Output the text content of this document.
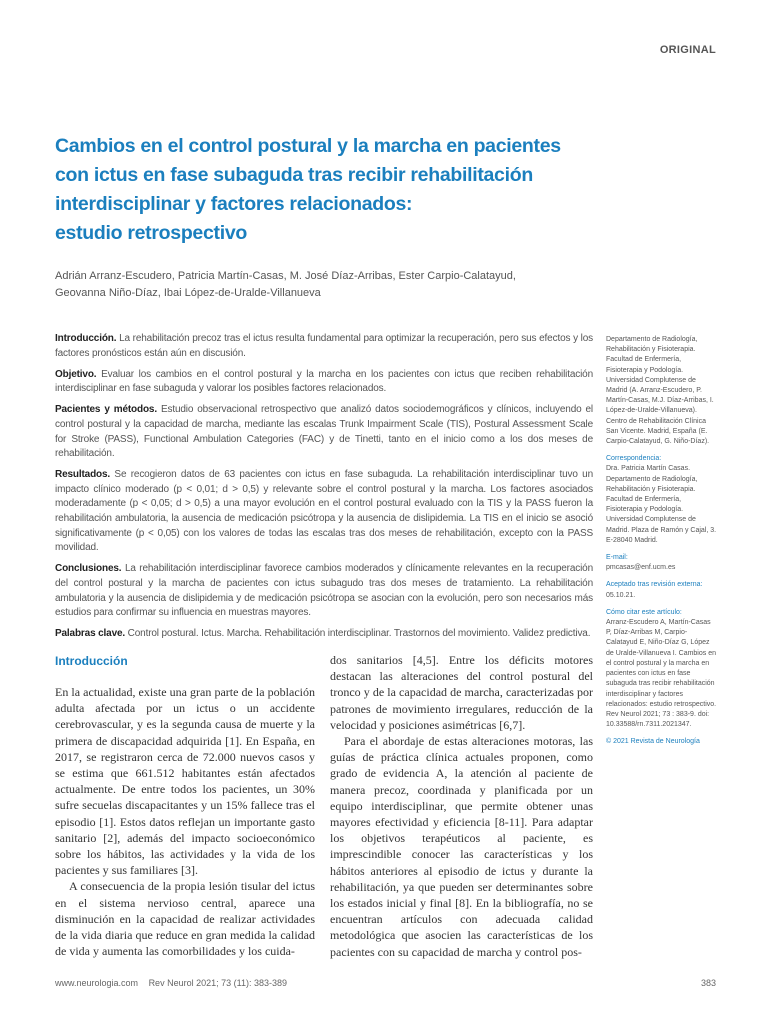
ORIGINAL
Cambios en el control postural y la marcha en pacientes
con ictus en fase subaguda tras recibir rehabilitación
interdisciplinar y factores relacionados:
estudio retrospectivo
Adrián Arranz-Escudero, Patricia Martín-Casas, M. José Díaz-Arribas, Ester Carpio-Calatayud,
Geovanna Niño-Díaz, Ibai López-de-Uralde-Villanueva

Introducción. La rehabilitación precoz tras el ictus resulta fundamental para optimizar la recuperación, pero sus efectos y los factores pronósticos están aún en discusión.

Objetivo. Evaluar los cambios en el control postural y la marcha en los pacientes con ictus que reciben rehabilitación interdisciplinar en fase subaguda y valorar los posibles factores relacionados.

Pacientes y métodos. Estudio observacional retrospectivo que analizó datos sociodemográficos y clínicos, incluyendo el control postural y la capacidad de marcha, mediante las escalas Trunk Impairment Scale (TIS), Postural Assessment Scale for Stroke (PASS), Functional Ambulation Categories (FAC) y de Tinetti, tanto en el inicio como a los dos meses de rehabilitación.

Resultados. Se recogieron datos de 63 pacientes con ictus en fase subaguda. La rehabilitación interdisciplinar tuvo un impacto clínico moderado (p < 0,01; d > 0,5) y relevante sobre el control postural y la marcha. Los factores asociados moderadamente (p < 0,05; d > 0,5) a una mayor evolución en el control postural evaluado con la TIS y la PASS fueron la rehabilitación ambulatoria, la ausencia de medicación psicótropa y la ausencia de dislipidemia. La TIS en el inicio se asoció significativamente (p < 0,05) con los valores de todas las escalas tras dos meses de rehabilitación, excepto con la PASS movilidad.

Conclusiones. La rehabilitación interdisciplinar favorece cambios moderados y clínicamente relevantes en la recuperación del control postural y la marcha de pacientes con ictus subagudo tras dos meses de tratamiento. La rehabilitación ambulatoria y la ausencia de dislipidemia y de medicación psicótropa se asocian con la evolución, pero son necesarios más estudios para confirmar su influencia en muestras mayores.

Palabras clave. Control postural. Ictus. Marcha. Rehabilitación interdisciplinar. Trastornos del movimiento. Validez predictiva.

Departamento de Radiología, Rehabilitación y Fisioterapia. Facultad de Enfermería, Fisioterapia y Podología. Universidad Complutense de Madrid (A. Arranz-Escudero, P. Martín-Casas, M.J. Díaz-Arribas, I. López-de-Uralde-Villanueva). Centro de Rehabilitación Clínica San Vicente. Madrid, España (E. Carpio-Calatayud, G. Niño-Díaz).

Correspondencia:
Dra. Patricia Martín Casas. Departamento de Radiología, Rehabilitación y Fisioterapia. Facultad de Enfermería, Fisioterapia y Podología. Universidad Complutense de Madrid. Plaza de Ramón y Cajal, 3. E-28040 Madrid.

E-mail:
pmcasas@enf.ucm.es

Aceptado tras revisión externa:
05.10.21.

Cómo citar este artículo:
Arranz-Escudero A, Martín-Casas P, Díaz-Arribas M, Carpio-Calatayud E, Niño-Díaz G, López de Uralde-Villanueva I. Cambios en el control postural y la marcha en pacientes con ictus en fase subaguda tras recibir rehabilitación interdisciplinar y factores relacionados: estudio retrospectivo. Rev Neurol 2021; 73 : 383-9. doi: 10.33588/rn.7311.2021347.

© 2021 Revista de Neurología

Introducción

En la actualidad, existe una gran parte de la población adulta afectada por un ictus o un accidente cerebrovascular, y es la segunda causa de muerte y la primera de discapacidad adquirida [1]. En España, en 2017, se registraron cerca de 72.000 nuevos casos y se estima que 661.512 habitantes están afectados actualmente. De entre todos los pacientes, un 30% sufre secuelas discapacitantes y un 15% fallece tras el episodio [1]. Estos datos reflejan un importante gasto sanitario [2], además del impacto socioeconómico sobre los hábitos, las actividades y la vida de los pacientes y sus familiares [3].

A consecuencia de la propia lesión tisular del ictus en el sistema nervioso central, aparece una disminución en la capacidad de realizar actividades de la vida diaria que reduce en gran medida la calidad de vida y aumenta las comorbilidades y los cuida-

dos sanitarios [4,5]. Entre los déficits motores destacan las alteraciones del control postural del tronco y de la capacidad de marcha, caracterizadas por patrones de movimiento irregulares, reducción de la velocidad y posiciones asimétricas [6,7].

Para el abordaje de estas alteraciones motoras, las guías de práctica clínica actuales proponen, como grado de evidencia A, la atención al paciente de manera precoz, coordinada y planificada por un equipo interdisciplinar, que permite obtener unas mayores efectividad y eficiencia [8-11]. Para adaptar los objetivos terapéuticos al paciente, es imprescindible conocer las características y los hábitos anteriores al episodio de ictus y durante la rehabilitación, ya que pueden ser determinantes sobre los estados inicial y final [8]. En la bibliografía, no se encuentran artículos con adecuada calidad metodológica que asocien las características de los pacientes con su capacidad de marcha y control pos-

www.neurologia.com Rev Neurol 2021; 73 (11): 383-389	383
